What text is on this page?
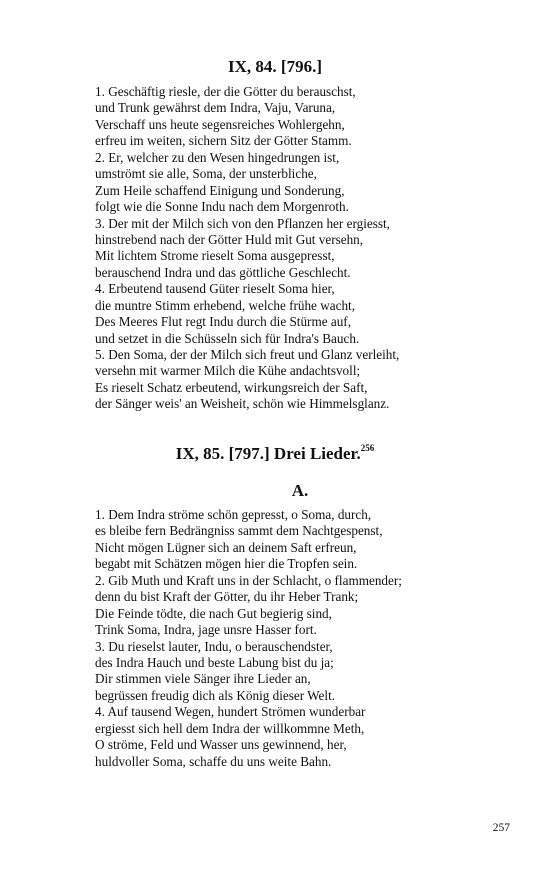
IX, 84. [796.]
1. Geschäftig riesle, der die Götter du berauschst,
und Trunk gewährst dem Indra, Vaju, Varuna,
Verschaff uns heute segensreiches Wohlergehn,
erfreu im weiten, sichern Sitz der Götter Stamm.
2. Er, welcher zu den Wesen hingedrungen ist,
umströmt sie alle, Soma, der unsterbliche,
Zum Heile schaffend Einigung und Sonderung,
folgt wie die Sonne Indu nach dem Morgenroth.
3. Der mit der Milch sich von den Pflanzen her ergiesst,
hinstrebend nach der Götter Huld mit Gut versehn,
Mit lichtem Strome rieselt Soma ausgepresst,
berauschend Indra und das göttliche Geschlecht.
4. Erbeutend tausend Güter rieselt Soma hier,
die muntre Stimm erhebend, welche frühe wacht,
Des Meeres Flut regt Indu durch die Stürme auf,
und setzet in die Schüsseln sich für Indra's Bauch.
5. Den Soma, der der Milch sich freut und Glanz verleiht,
versehn mit warmer Milch die Kühe andachtsvoll;
Es rieselt Schatz erbeutend, wirkungsreich der Saft,
der Sänger weis' an Weisheit, schön wie Himmelsglanz.
IX, 85. [797.] Drei Lieder.$^{256}$
A.
1. Dem Indra ströme schön gepresst, o Soma, durch,
es bleibe fern Bedrängniss sammt dem Nachtgespenst,
Nicht mögen Lügner sich an deinem Saft erfreun,
begabt mit Schätzen mögen hier die Tropfen sein.
2. Gib Muth und Kraft uns in der Schlacht, o flammender;
denn du bist Kraft der Götter, du ihr Heber Trank;
Die Feinde tödte, die nach Gut begierig sind,
Trink Soma, Indra, jage unsre Hasser fort.
3. Du rieselst lauter, Indu, o berauschendster,
des Indra Hauch und beste Labung bist du ja;
Dir stimmen viele Sänger ihre Lieder an,
begrüssen freudig dich als König dieser Welt.
4. Auf tausend Wegen, hundert Strömen wunderbar
ergiesst sich hell dem Indra der willkommne Meth,
O ströme, Feld und Wasser uns gewinnend, her,
huldvoller Soma, schaffe du uns weite Bahn.
257
